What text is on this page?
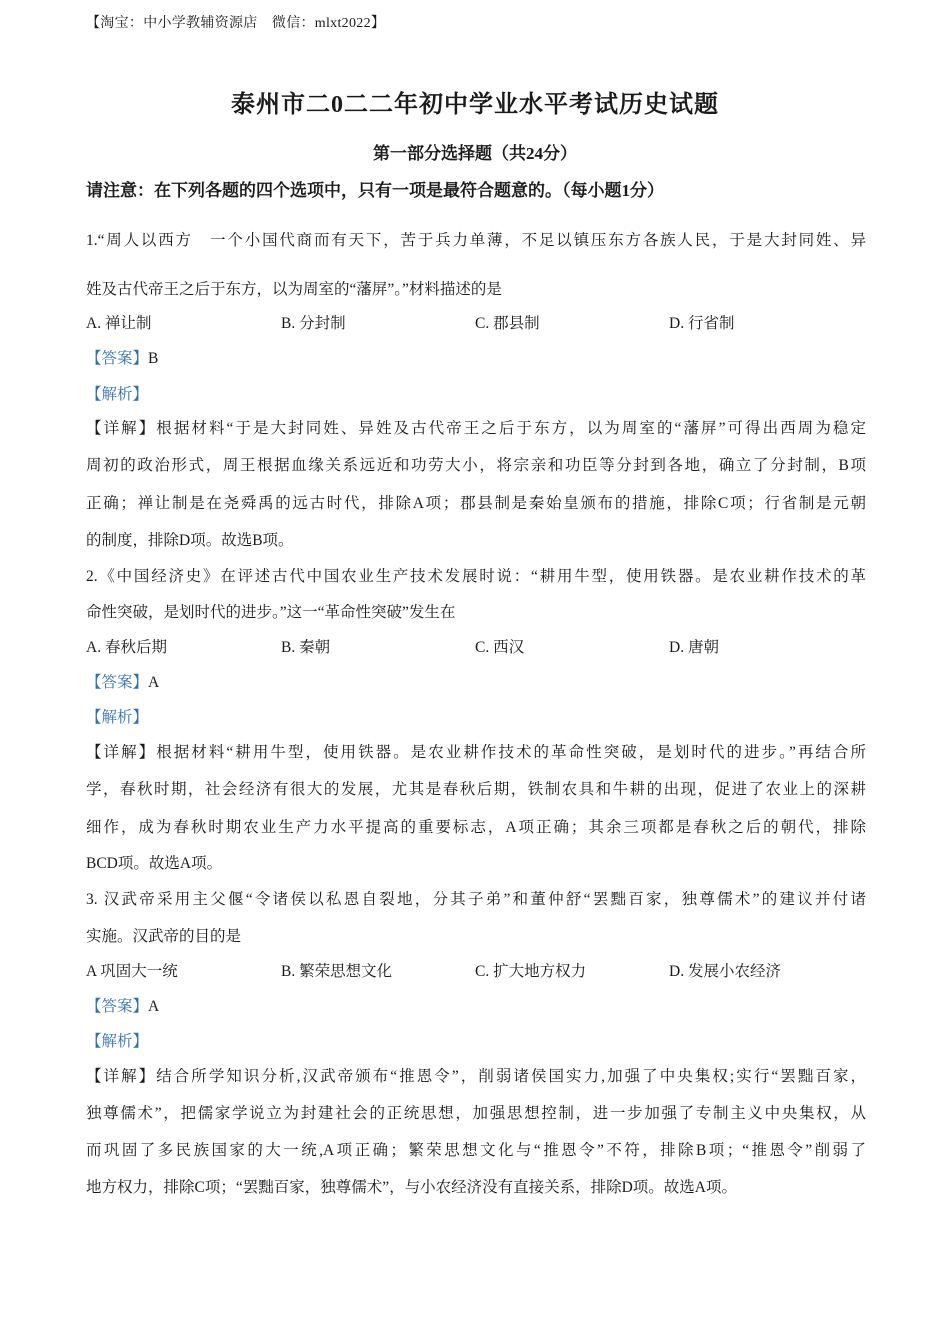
【淘宝：中小学教辅资源店　微信：mlxt2022】
泰州市二0二二年初中学业水平考试历史试题
第一部分选择题（共24分）
请注意：在下列各题的四个选项中，只有一项是最符合题意的。（每小题1分）
1.“周人以西方　一个小国代商而有天下，苦于兵力单薄，不足以镇压东方各族人民，于是大封同姓、异
姓及古代帝王之后于东方，以为周室的“藩屏”。”材料描述的是
A. 禅让制	B. 分封制	C. 郡县制	D. 行省制
【答案】B
【解析】
【详解】根据材料“于是大封同姓、异姓及古代帝王之后于东方，以为周室的“藩屏”可得出西周为稳定
周初的政治形式，周王根据血缘关系远近和功劳大小，将宗亲和功臣等分封到各地，确立了分封制，B项
正确；禅让制是在尧舜禹的远古时代，排除A项；郡县制是秦始皇颁布的措施，排除C项；行省制是元朝
的制度，排除D项。故选B项。
2.《中国经济史》在评述古代中国农业生产技术发展时说：“耕用牛型，使用铁器。是农业耕作技术的革
命性突破，是划时代的进步。”这一“革命性突破”发生在
A. 春秋后期	B. 秦朝	C. 西汉	D. 唐朝
【答案】A
【解析】
【详解】根据材料“耕用牛型，使用铁器。是农业耕作技术的革命性突破，是划时代的进步。”再结合所
学，春秋时期，社会经济有很大的发展，尤其是春秋后期，铁制农具和牛耕的出现，促进了农业上的深耕
细作，成为春秋时期农业生产力水平提高的重要标志，A项正确；其余三项都是春秋之后的朝代，排除
BCD项。故选A项。
3. 汉武帝采用主父偃“令诸侯以私恩自裂地，分其子弟”和董仲舒“罢黜百家，独尊儒术”的建议并付诸
实施。汉武帝的目的是
A 巩固大一统	B. 繁荣思想文化	C. 扩大地方权力	D. 发展小农经济
【答案】A
【解析】
【详解】结合所学知识分析,汉武帝颁布“推恩令”，削弱诸侯国实力,加强了中央集权;实行“罢黜百家，
独尊儒术”，把儒家学说立为封建社会的正统思想，加强思想控制，进一步加强了专制主义中央集权，从
而巩固了多民族国家的大一统,A项正确；繁荣思想文化与“推恩令”不符，排除B项；“推恩令”削弱了
地方权力，排除C项；“罢黜百家，独尊儒术”，与小农经济没有直接关系，排除D项。故选A项。
